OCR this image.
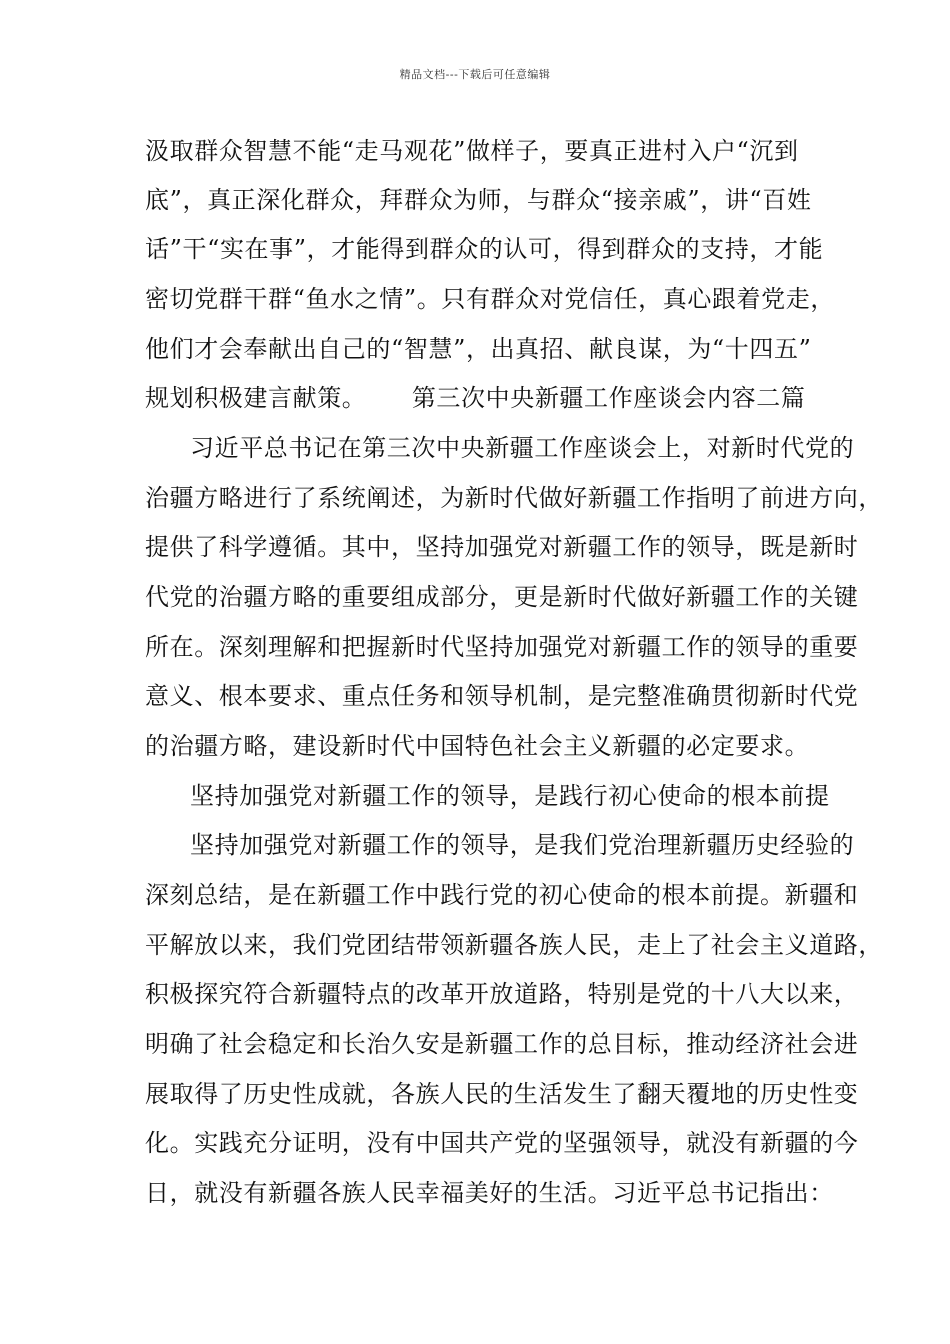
精品文档---下载后可任意编辑
汲取群众智慧不能“走马观花”做样子，要真正进村入户“沉到
底”，真正深化群众，拜群众为师，与群众“接亲戚”，讲“百姓
话”干“实在事”，才能得到群众的认可，得到群众的支持，才能
密切党群干群“鱼水之情”。只有群众对党信任，真心跟着党走，
他们才会奉献出自己的“智慧”，出真招、献良谋，为“十四五”
规划积极建言献策。　　 第三次中央新疆工作座谈会内容二篇
习近平总书记在第三次中央新疆工作座谈会上，对新时代党的
治疆方略进行了系统阐述，为新时代做好新疆工作指明了前进方向，
提供了科学遵循。其中，坚持加强党对新疆工作的领导，既是新时
代党的治疆方略的重要组成部分，更是新时代做好新疆工作的关键
所在。深刻理解和把握新时代坚持加强党对新疆工作的领导的重要
意义、根本要求、重点任务和领导机制，是完整准确贯彻新时代党
的治疆方略，建设新时代中国特色社会主义新疆的必定要求。
坚持加强党对新疆工作的领导，是践行初心使命的根本前提
坚持加强党对新疆工作的领导，是我们党治理新疆历史经验的
深刻总结，是在新疆工作中践行党的初心使命的根本前提。新疆和
平解放以来，我们党团结带领新疆各族人民，走上了社会主义道路，
积极探究符合新疆特点的改革开放道路，特别是党的十八大以来，
明确了社会稳定和长治久安是新疆工作的总目标，推动经济社会进
展取得了历史性成就，各族人民的生活发生了翻天覆地的历史性变
化。实践充分证明，没有中国共产党的坚强领导，就没有新疆的今
日，就没有新疆各族人民幸福美好的生活。习近平总书记指出：
